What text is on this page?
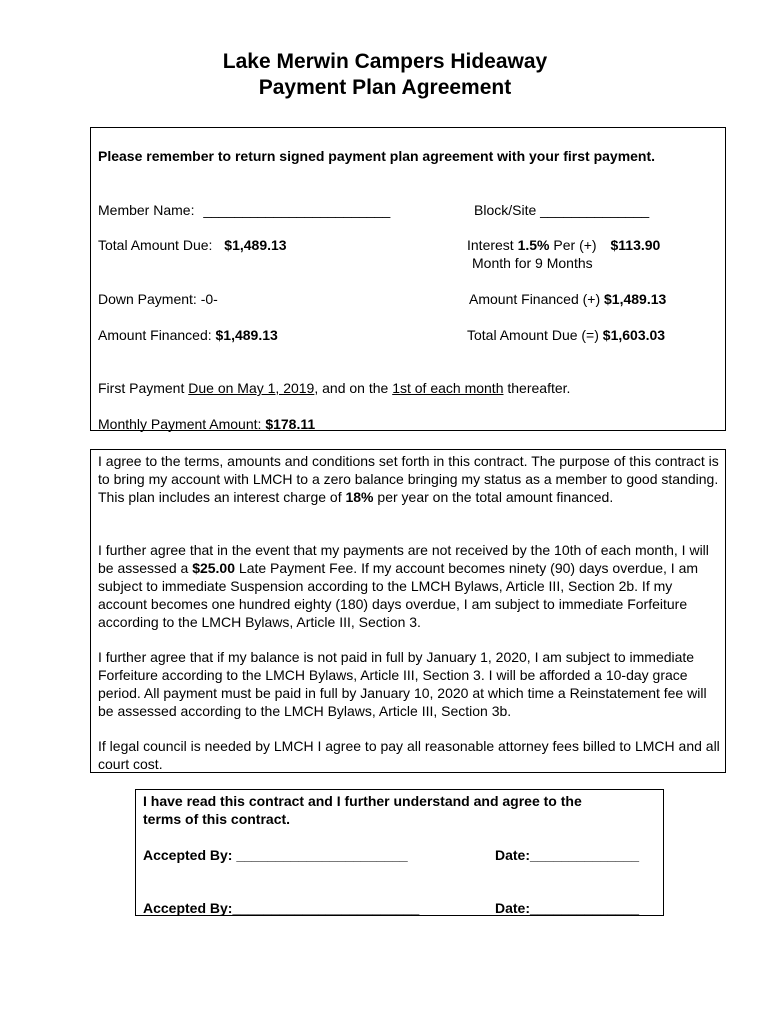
Lake Merwin Campers Hideaway
Payment Plan Agreement
Please remember to return signed payment plan agreement with your first payment.
Member Name: ________________________	Block/Site ______________
Total Amount Due: $1,489.13	Interest 1.5% Per (+) $113.90
Month for 9 Months
Down Payment: -0-	Amount Financed (+) $1,489.13
Amount Financed: $1,489.13	Total Amount Due (=) $1,603.03
First Payment Due on May 1, 2019, and on the 1st of each month thereafter.
Monthly Payment Amount: $178.11

I agree to the terms, amounts and conditions set forth in this contract. The purpose of this contract is to bring my account with LMCH to a zero balance bringing my status as a member to good standing. This plan includes an interest charge of 18% per year on the total amount financed.

I further agree that in the event that my payments are not received by the 10th of each month, I will be assessed a $25.00 Late Payment Fee. If my account becomes ninety (90) days overdue, I am subject to immediate Suspension according to the LMCH Bylaws, Article III, Section 2b. If my account becomes one hundred eighty (180) days overdue, I am subject to immediate Forfeiture according to the LMCH Bylaws, Article III, Section 3.

I further agree that if my balance is not paid in full by January 1, 2020, I am subject to immediate Forfeiture according to the LMCH Bylaws, Article III, Section 3. I will be afforded a 10-day grace period. All payment must be paid in full by January 10, 2020 at which time a Reinstatement fee will be assessed according to the LMCH Bylaws, Article III, Section 3b.

If legal council is needed by LMCH I agree to pay all reasonable attorney fees billed to LMCH and all court cost.

I have read this contract and I further understand and agree to the
terms of this contract.
Accepted By: ______________________	Date:______________
Accepted By:________________________	Date:______________
